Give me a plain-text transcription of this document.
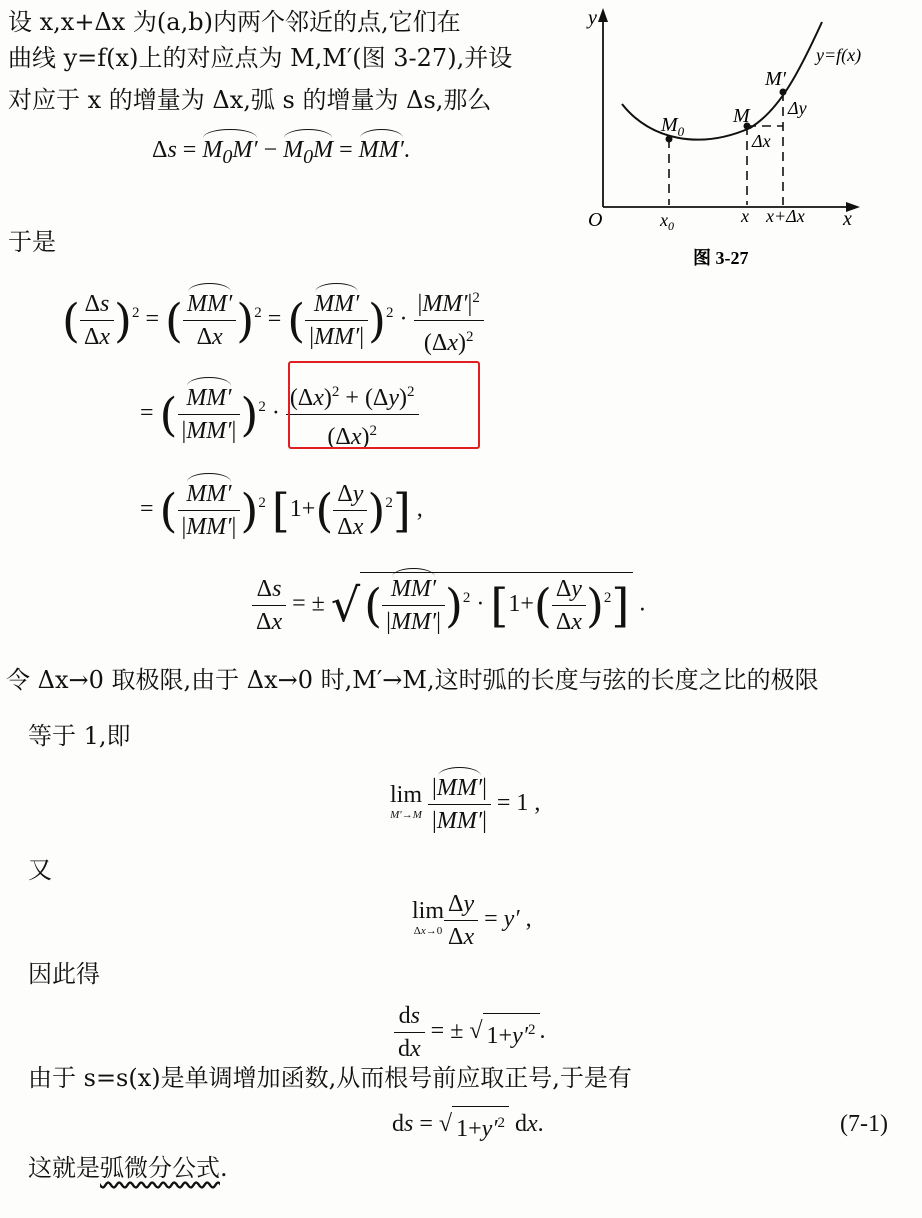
设 x,x+Δx 为(a,b)内两个邻近的点,它们在
曲线 y=f(x)上的对应点为 M,M′(图 3-27),并设
对应于 x 的增量为 Δx,弧 s 的增量为 Δs,那么
$\Delta s = M_0M' - M_0M = MM'$.
于是
y
x
O
y=f(x)
$M_0$
M
M′
Δy
Δx
$x_0$	x x+Δx
图 3-27
( $\frac{\Delta s}{\Delta x} )^2$ = ( $\frac{MM'}{\Delta x} )^2$ = ( $\frac{MM'}{|MM'|} )^2 \cdot \frac{|MM'|^2}{(\Delta x)^2}$
= ( $\frac{MM'}{|MM'|} )^2 \cdot \frac{(\Delta x)^2 + (\Delta y)^2}{(\Delta x)^2}$
= ( $\frac{MM'}{|MM'|} )^2$ $[1+( \frac{\Delta y}{\Delta x} )^2]$ ,
$\frac{\Delta s}{\Delta x}$ = ± √( $\frac{MM'}{|MM'|} )^2 \cdot [1+( \frac{\Delta y}{\Delta x} )^2]$ .
令 Δx→0 取极限,由于 Δx→0 时,M′→M,这时弧的长度与弦的长度之比的极限
等于 1,即
lim
$M'\to M \frac{|MM'|}{|MM'|} = 1$ ,
又
lim
$\Delta x\to 0 \frac{\Delta y}{\Delta x} = y'$ ,
因此得
$\frac{ds}{dx}$ = ± √ $1+y'^2$ .
由于 s=s(x)是单调增加函数,从而根号前应取正号,于是有
ds = √ $1+y'^2$ dx.	(7-1)
这就是弧微分公式.
